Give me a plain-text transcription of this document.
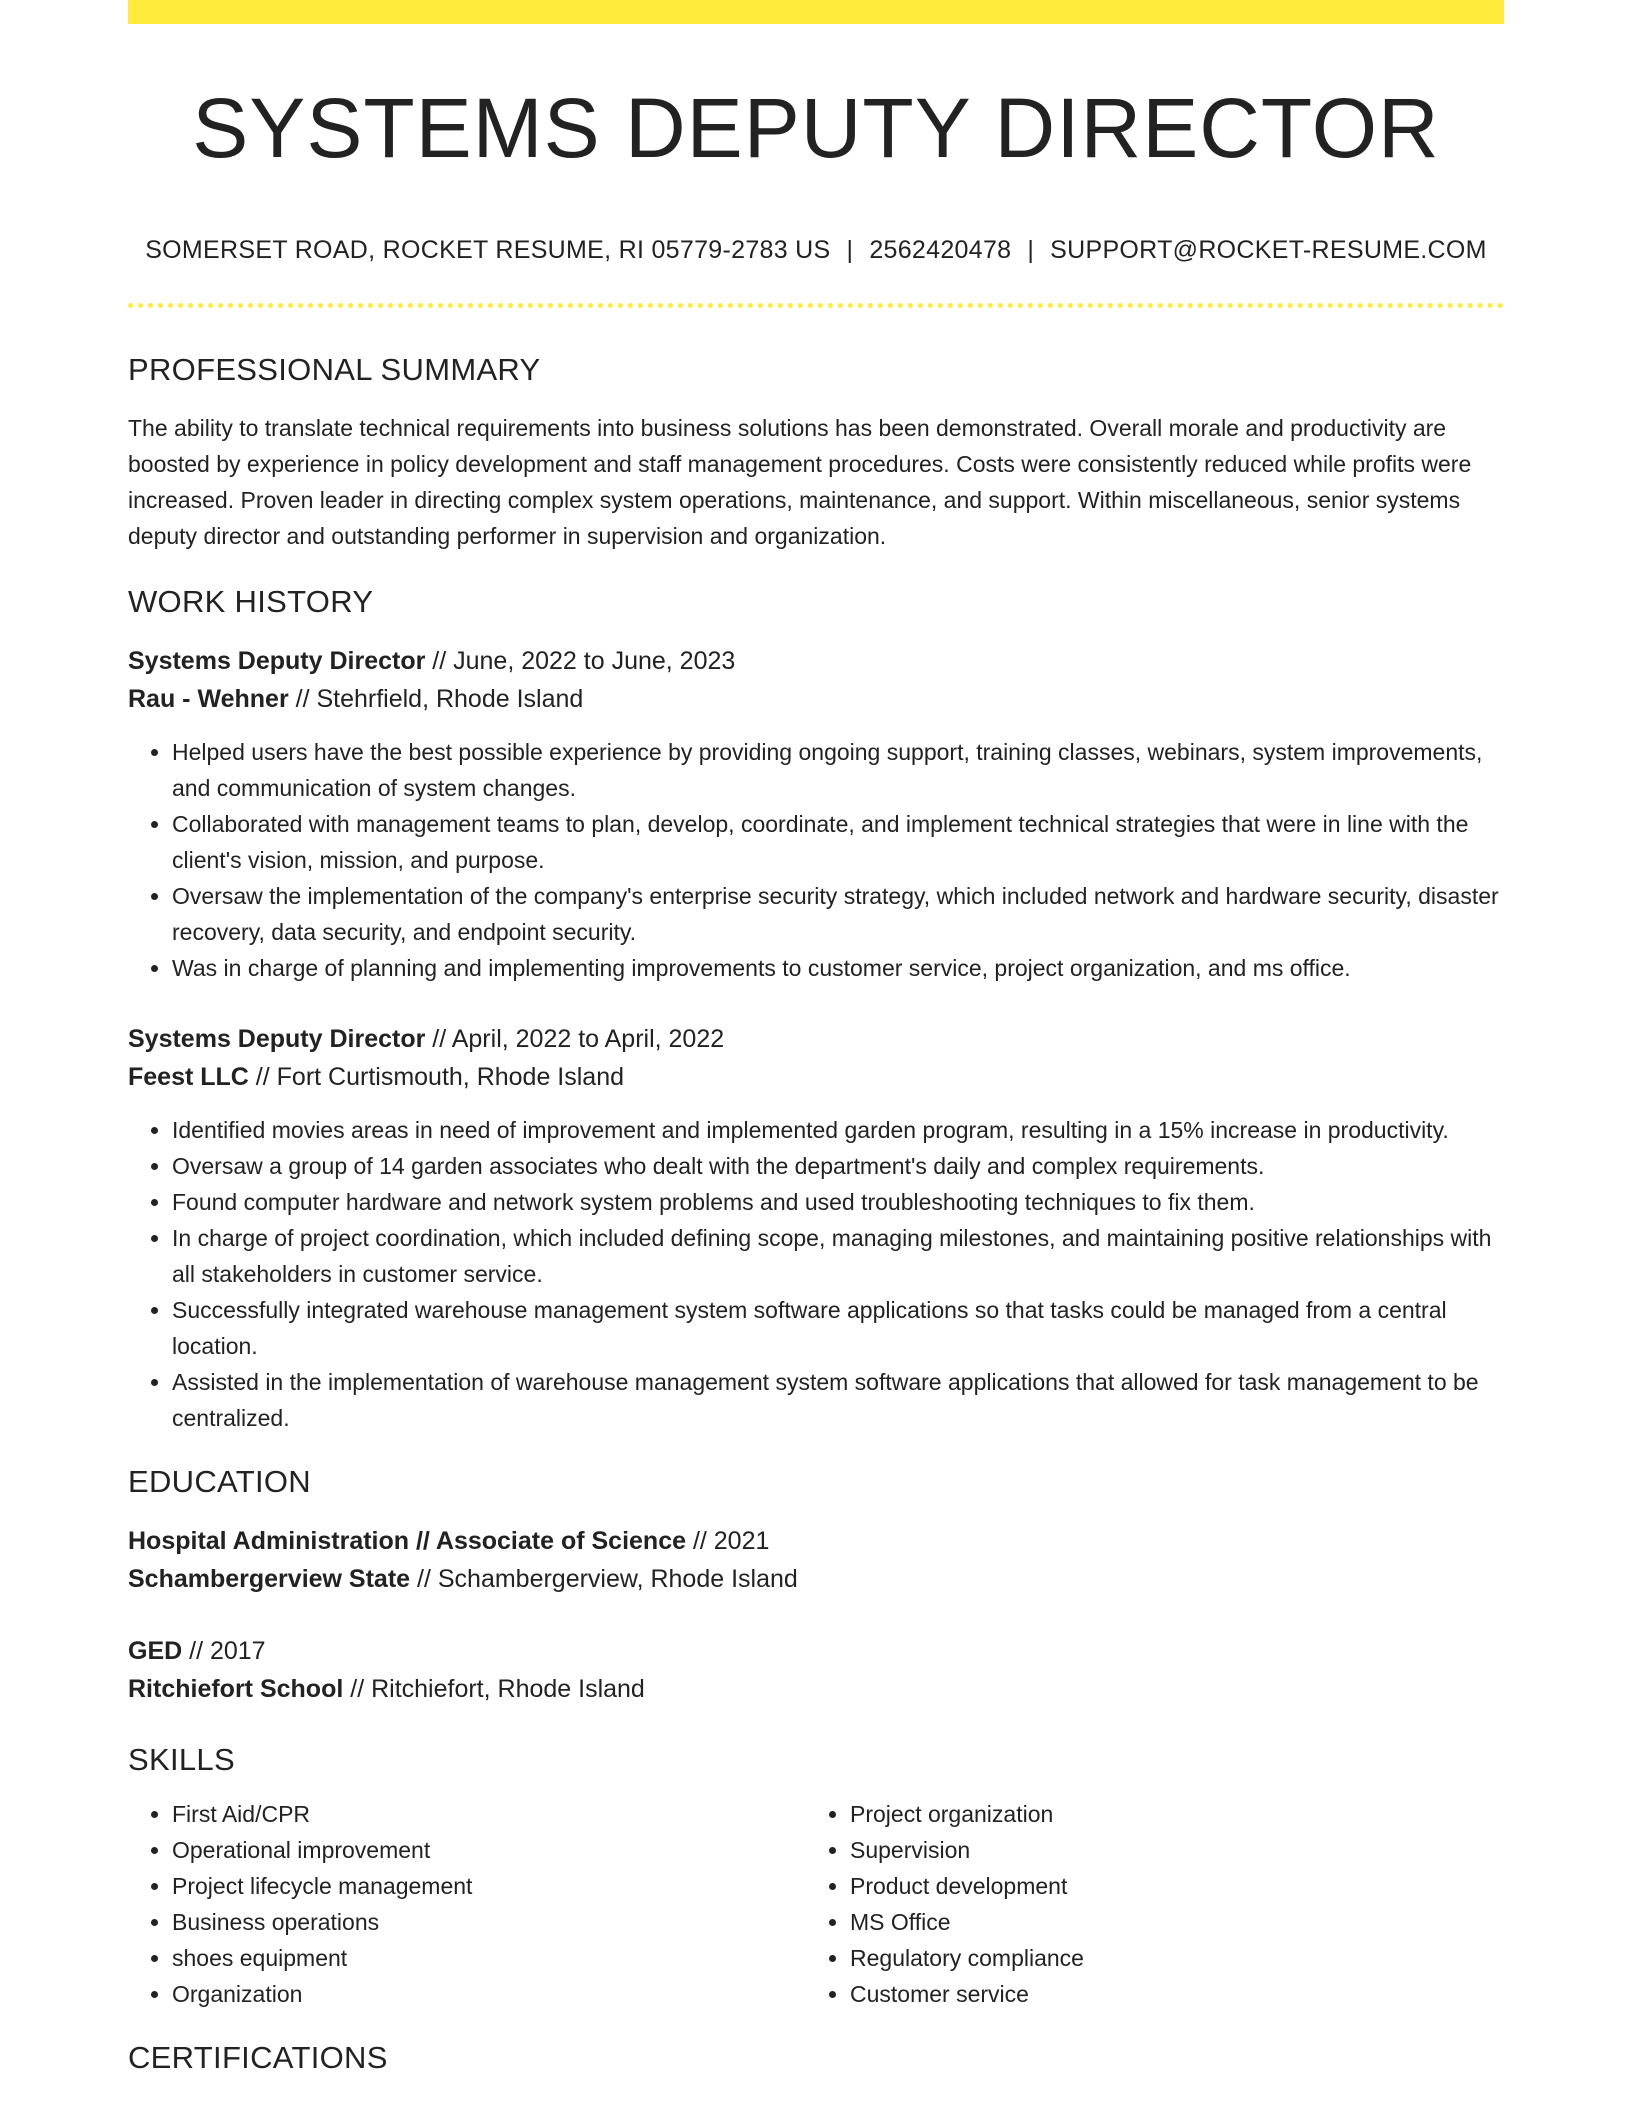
SYSTEMS DEPUTY DIRECTOR
SOMERSET ROAD, ROCKET RESUME, RI 05779-2783 US | 2562420478 | SUPPORT@ROCKET-RESUME.COM
PROFESSIONAL SUMMARY
The ability to translate technical requirements into business solutions has been demonstrated. Overall morale and productivity are boosted by experience in policy development and staff management procedures. Costs were consistently reduced while profits were increased. Proven leader in directing complex system operations, maintenance, and support. Within miscellaneous, senior systems deputy director and outstanding performer in supervision and organization.
WORK HISTORY
Systems Deputy Director // June, 2022 to June, 2023
Rau - Wehner // Stehrfield, Rhode Island
• Helped users have the best possible experience by providing ongoing support, training classes, webinars, system improvements, and communication of system changes.
• Collaborated with management teams to plan, develop, coordinate, and implement technical strategies that were in line with the client's vision, mission, and purpose.
• Oversaw the implementation of the company's enterprise security strategy, which included network and hardware security, disaster recovery, data security, and endpoint security.
• Was in charge of planning and implementing improvements to customer service, project organization, and ms office.
Systems Deputy Director // April, 2022 to April, 2022
Feest LLC // Fort Curtismouth, Rhode Island
• Identified movies areas in need of improvement and implemented garden program, resulting in a 15% increase in productivity.
• Oversaw a group of 14 garden associates who dealt with the department's daily and complex requirements.
• Found computer hardware and network system problems and used troubleshooting techniques to fix them.
• In charge of project coordination, which included defining scope, managing milestones, and maintaining positive relationships with all stakeholders in customer service.
• Successfully integrated warehouse management system software applications so that tasks could be managed from a central location.
• Assisted in the implementation of warehouse management system software applications that allowed for task management to be centralized.
EDUCATION
Hospital Administration // Associate of Science // 2021
Schambergerview State // Schambergerview, Rhode Island
GED // 2017
Ritchiefort School // Ritchiefort, Rhode Island
SKILLS
• First Aid/CPR
• Operational improvement
• Project lifecycle management
• Business operations
• shoes equipment
• Organization
• Project organization
• Supervision
• Product development
• MS Office
• Regulatory compliance
• Customer service
CERTIFICATIONS
